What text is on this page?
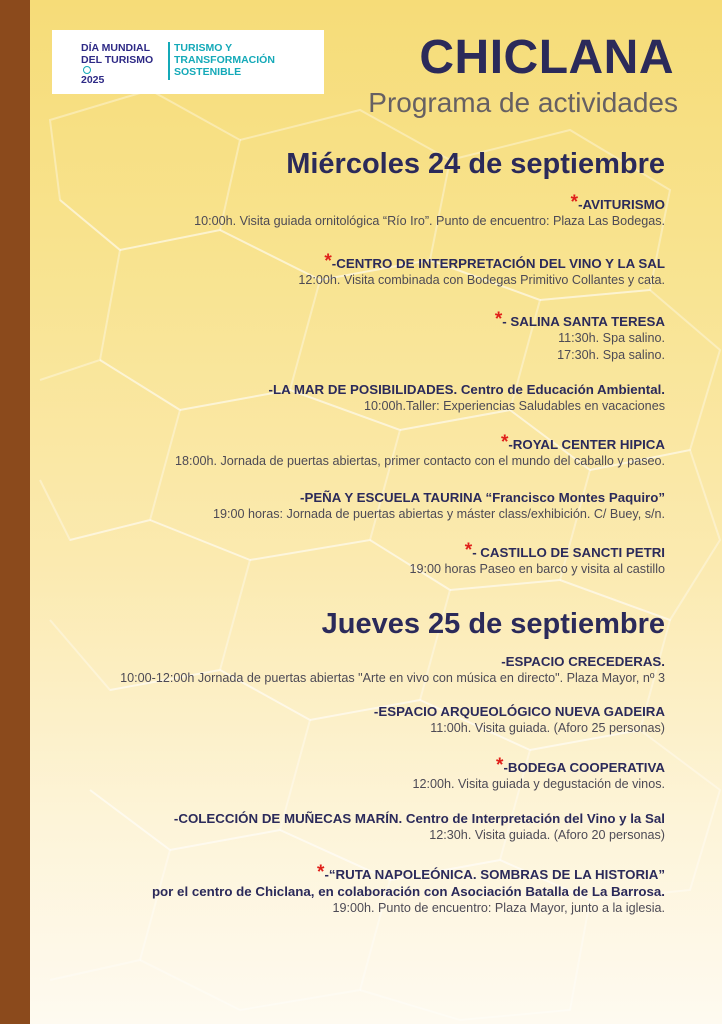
DÍA MUNDIAL
DEL TURISMO
2025
TURISMO Y
TRANSFORMACIÓN
SOSTENIBLE	CHICLANA
Programa de actividades
Miércoles 24 de septiembre
*-AVITURISMO
10:00h. Visita guiada ornitológica “Río Iro”. Punto de encuentro: Plaza Las Bodegas.
*-CENTRO DE INTERPRETACIÓN DEL VINO Y LA SAL
12:00h. Visita combinada con Bodegas Primitivo Collantes y cata.
*- SALINA SANTA TERESA
11:30h. Spa salino.
17:30h. Spa salino.
-LA MAR DE POSIBILIDADES. Centro de Educación Ambiental.
10:00h.Taller: Experiencias Saludables en vacaciones
*-ROYAL CENTER HIPICA
18:00h. Jornada de puertas abiertas, primer contacto con el mundo del caballo y paseo.
-PEÑA Y ESCUELA TAURINA “Francisco Montes Paquiro”
19:00 horas: Jornada de puertas abiertas y máster class/exhibición. C/ Buey, s/n.
*- CASTILLO DE SANCTI PETRI
19:00 horas Paseo en barco y visita al castillo
Jueves 25 de septiembre
-ESPACIO CRECEDERAS.
10:00-12:00h Jornada de puertas abiertas "Arte en vivo con música en directo". Plaza Mayor, nº 3
-ESPACIO ARQUEOLÓGICO NUEVA GADEIRA
11:00h. Visita guiada. (Aforo 25 personas)
*-BODEGA COOPERATIVA
12:00h. Visita guiada y degustación de vinos.
-COLECCIÓN DE MUÑECAS MARÍN. Centro de Interpretación del Vino y la Sal
12:30h. Visita guiada. (Aforo 20 personas)
*-“RUTA NAPOLEÓNICA. SOMBRAS DE LA HISTORIA”
por el centro de Chiclana, en colaboración con Asociación Batalla de La Barrosa.
19:00h. Punto de encuentro: Plaza Mayor, junto a la iglesia.
